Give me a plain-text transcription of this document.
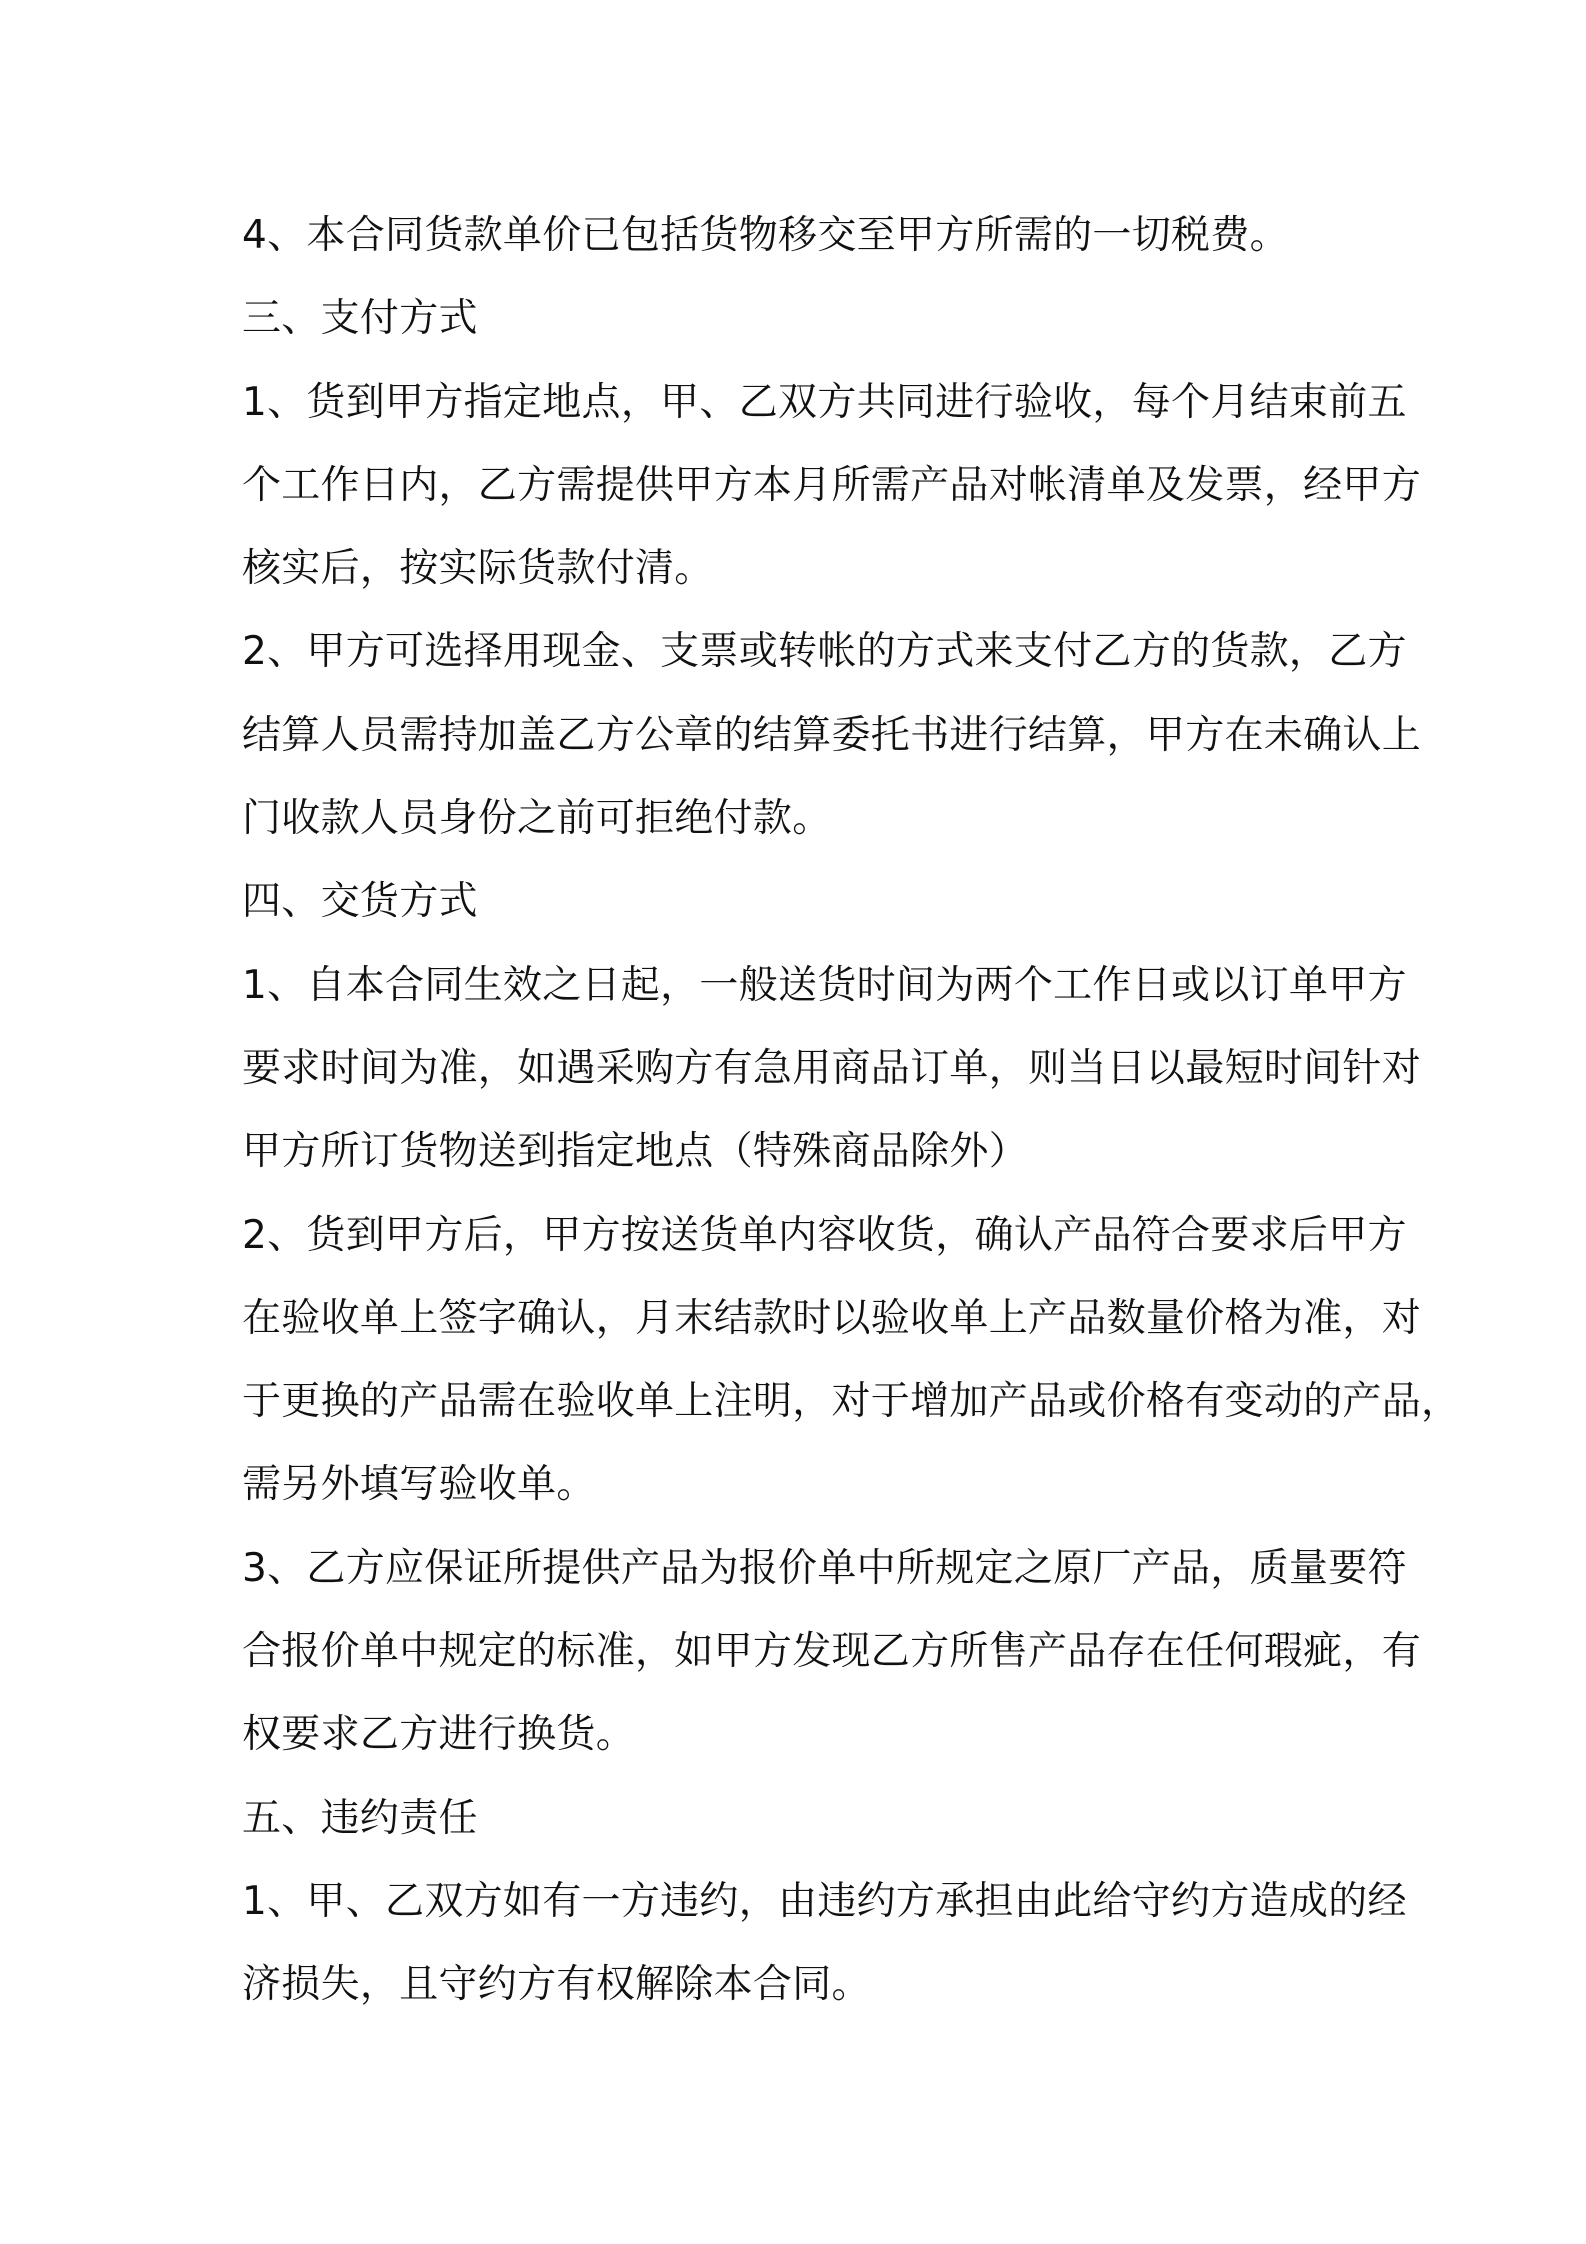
4、本合同货款单价已包括货物移交至甲方所需的一切税费。
三、支付方式
1、货到甲方指定地点，甲、乙双方共同进行验收，每个月结束前五
个工作日内，乙方需提供甲方本月所需产品对帐清单及发票，经甲方
核实后，按实际货款付清。
2、甲方可选择用现金、支票或转帐的方式来支付乙方的货款，乙方
结算人员需持加盖乙方公章的结算委托书进行结算，甲方在未确认上
门收款人员身份之前可拒绝付款。
四、交货方式
1、自本合同生效之日起，一般送货时间为两个工作日或以订单甲方
要求时间为准，如遇采购方有急用商品订单，则当日以最短时间针对
甲方所订货物送到指定地点（特殊商品除外）
2、货到甲方后，甲方按送货单内容收货，确认产品符合要求后甲方
在验收单上签字确认，月末结款时以验收单上产品数量价格为准，对
于更换的产品需在验收单上注明，对于增加产品或价格有变动的产品，
需另外填写验收单。
3、乙方应保证所提供产品为报价单中所规定之原厂产品，质量要符
合报价单中规定的标准，如甲方发现乙方所售产品存在任何瑕疵，有
权要求乙方进行换货。
五、违约责任
1、甲、乙双方如有一方违约，由违约方承担由此给守约方造成的经
济损失，且守约方有权解除本合同。
